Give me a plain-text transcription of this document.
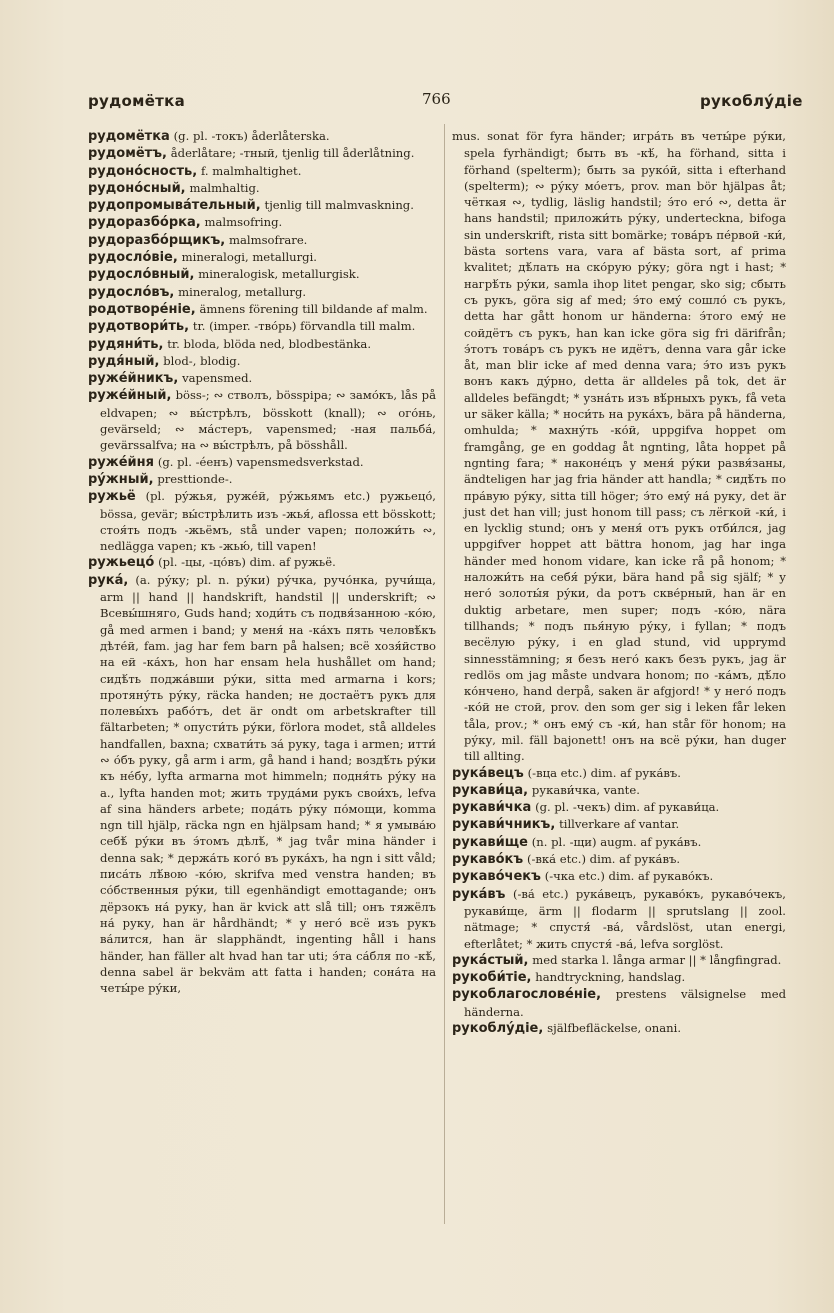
рудомётка	766	рукоблу́діе

рудомётка (g. pl. -токъ) åderlåterska.

рудомётъ, åderlåtare; -тный, tjenlig till åderlåtning.

рудоно́сность, f. malmhaltighet.

рудоно́сный, malmhaltig.

рудопромыва́тельный, tjenlig till malmvaskning.

рудоразбо́рка, malmsofring.

рудоразбо́рщикъ, malmsofrare.

рудосло́віе, mineralogi, metallurgi.

рудосло́вный, mineralogisk, metallurgisk.

рудосло́въ, mineralog, metallurg.

родотворе́ніе, ämnens förening till bildande af malm.

рудотвори́ть, tr. (imper. -тво́рь) förvandla till malm.

рудяни́ть, tr. bloda, blöda ned, blodbestänka.

рудя́ный, blod-, blodig.

руже́йникъ, vapensmed.

руже́йный, böss-; ∾ стволъ, bösspipa; ∾ замо́къ, lås på eldvapen; ∾ вы́стрѣлъ, bösskott (knall); ∾ ого́нь, gevärseld; ∾ ма́стеръ, vapensmed; -ная пальба́, gevärssalfva; на ∾ вы́стрѣлъ, på bösshåll.

руже́йня (g. pl. -éенъ) vapensmedsverkstad.

ру́жный, presttionde-.

ружьё (pl. ру́жья, руже́й, ру́жьямъ etc.) ружьецо́, bössa, gevär; вы́стрѣлить изъ -жья́, aflossa ett bösskott; стоя́ть подъ -жьёмъ, stå under vapen; положи́ть ∾, nedlägga vapen; къ -жью́, till vapen!

ружьецо́ (pl. -цы, -цо́въ) dim. af ружьё.

рука́, (a. ру́ку; pl. n. ру́ки) ру́чка, ручо́нка, ручи́ща, arm || hand || handskrift, handstil || underskrift; ∾ Всевы́шняго, Guds hand; ходи́ть съ подвя́занною -ко́ю, gå med armen i band; у меня́ на -ка́хъ пять человѣ́къ дѣте́й, fam. jag har fem barn på halsen; всё хозя́йство на ей -ка́хъ, hon har ensam hela hushållet om hand; сидѣ́ть поджа́вши ру́ки, sitta med armarna i kors; протяну́ть ру́ку, räcka handen; не достаётъ рукъ для полевы́хъ рабо́тъ, det är ondt om arbetskrafter till fältarbeten; * опусти́ть ру́ки, förlora modet, stå alldeles handfallen, baxna; схвати́ть за́ руку, taga i armen; итти́ ∾ о́бъ руку, gå arm i arm, gå hand i hand; воздѣ́ть ру́ки къ не́бу, lyfta armarna mot himmeln; подня́ть ру́ку на a., lyfta handen mot; жить труда́ми рукъ свои́хъ, lefva af sina händers arbete; пода́ть ру́ку по́мощи, komma ngn till hjälp, räcka ngn en hjälpsam hand; * я умыва́ю себѣ́ ру́ки въ э́томъ дѣлѣ́, * jag tvår mina händer i denna sak; * держа́ть кого́ въ рука́хъ, ha ngn i sitt våld; писа́ть лѣ́вою -ко́ю, skrifva med venstra handen; въ со́бственныя ру́ки, till egenhändigt emottagande; онъ дёрзокъ на́ руку, han är kvick att slå till; онъ тяжёлъ на́ руку, han är hårdhändt; * у него́ всё изъ рукъ ва́лится, han är slapphändt, ingenting håll i hans händer, han fäller alt hvad han tar uti; э́та са́бля по -кѣ́, denna sabel är bekväm att fatta i handen; сона́та на четы́ре ру́ки,

mus. sonat för fyra händer; игра́ть въ четы́ре ру́ки, spela fyrhändigt; быть въ -кѣ́, ha förhand, sitta i förhand (spelterm); быть за руко́й, sitta i efterhand (spelterm); ∾ ру́ку мо́етъ, prov. man bör hjälpas åt; чёткая ∾, tydlig, läslig handstil; э́то его́ ∾, detta är hans handstil; приложи́ть ру́ку, underteckna, bifoga sin underskrift, rista sitt bomärke; това́ръ пе́рвой -ки́, bästa sortens vara, vara af bästa sort, af prima kvalitet; дѣ́лать на ско́рую ру́ку; göra ngt i hast; * нагрѣ́ть ру́ки, samla ihop litet pengar, sko sig; сбыть съ рукъ, göra sig af med; э́то ему́ сошло́ съ рукъ, detta har gått honom ur händerna: э́того ему́ не сойдётъ съ рукъ, han kan icke göra sig fri därifrån; э́тотъ това́ръ съ рукъ не идётъ, denna vara går icke åt, man blir icke af med denna vara; э́то изъ рукъ вонъ какъ ду́рно, detta är alldeles på tok, det är alldeles befängdt; * узна́ть изъ вѣ́рныхъ рукъ, få veta ur säker källa; * носи́ть на рука́хъ, bära på händerna, omhulda; * махну́ть -ко́й, uppgifva hoppet om framgång, ge en goddag åt ngnting, låta hoppet på ngnting fara; * наконе́цъ у меня́ ру́ки развя́заны, ändteligen har jag fria händer att handla; * сидѣ́ть по пра́вую ру́ку, sitta till höger; э́то ему́ на́ руку, det är just det han vill; just honom till pass; съ лёгкой -ки́, i en lycklig stund; онъ у меня́ отъ рукъ отби́лся, jag uppgifver hoppet att bättra honom, jag har inga händer med honom vidare, kan icke rå på honom; * наложи́ть на себя́ ру́ки, bära hand på sig själf; * у него́ золоты́я ру́ки, da ротъ скве́рный, han är en duktig arbetare, men super; подъ -ко́ю, nära tillhands; * подъ пья́ную ру́ку, i fyllan; * подъ весёлую ру́ку, i en glad stund, vid upprymd sinnesstämning; я безъ него́ какъ безъ рукъ, jag är redlös om jag måste undvara honom; по -ка́мъ, дѣ́ло ко́нчено, hand derpå, saken är afgjord! * у него́ подъ -ко́й не стой, prov. den som ger sig i leken får leken tåla, prov.; * онъ ему́ съ -ки́, han står för honom; на ру́ку, mil. fäll bajonett! онъ на всё ру́ки, han duger till allting.

рука́вецъ (-вца etc.) dim. af рука́въ.

рукави́ца, рукави́чка, vante.

рукави́чка (g. pl. -чекъ) dim. af рукави́ца.

рукави́чникъ, tillverkare af vantar.

рукави́ще (n. pl. -щи) augm. af рука́въ.

рукаво́къ (-вка́ etc.) dim. af рука́въ.

рукаво́чекъ (-чка etc.) dim. af рукаво́къ.

рука́въ (-ва́ etc.) рука́вецъ, рукаво́къ, рукаво́чекъ, рукави́ще, ärm || flodarm || sprutslang || zool. nätmage; * спустя́ -ва́, vårdslöst, utan energi, efterlåtet; * жить спустя́ -ва́, lefva sorglöst.

рука́стый, med starka l. långa armar || * långfingrad.

рукоби́тіе, handtryckning, handslag.

рукоблагослове́ніе, prestens välsignelse med händerna.

рукоблу́діе, själfbefläckelse, onani.
